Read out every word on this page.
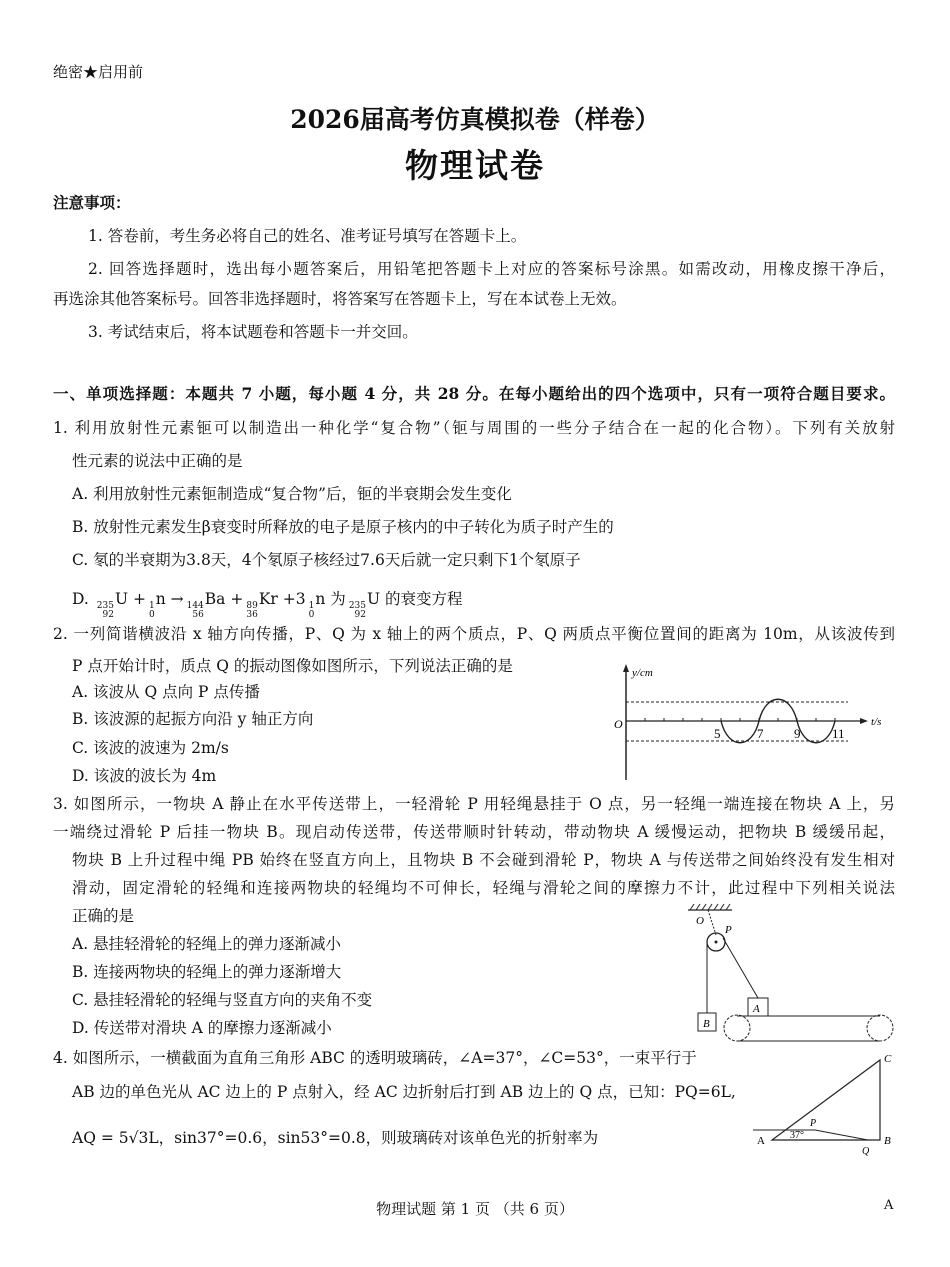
绝密★启用前
2026届高考仿真模拟卷（样卷）
物理试卷
注意事项：
1. 答卷前，考生务必将自己的姓名、准考证号填写在答题卡上。
2. 回答选择题时，选出每小题答案后，用铅笔把答题卡上对应的答案标号涂黑。如需改动，用橡皮擦干净后，
再选涂其他答案标号。回答非选择题时，将答案写在答题卡上，写在本试卷上无效。
3. 考试结束后，将本试题卷和答题卡一并交回。
一、单项选择题：本题共 7 小题，每小题 4 分，共 28 分。在每小题给出的四个选项中，只有一项符合题目要求。
1. 利用放射性元素钷可以制造出一种化学“复合物”（钷与周围的一些分子结合在一起的化合物）。下列有关放射
性元素的说法中正确的是
A. 利用放射性元素钷制造成“复合物”后，钷的半衰期会发生变化
B. 放射性元素发生β衰变时所释放的电子是原子核内的中子转化为质子时产生的
C. 氡的半衰期为3.8天，4个氡原子核经过7.6天后就一定只剩下1个氡原子
D. 235
92
U + 1
0
n → 144
56
Ba + 89
36
Kr +3 1
0
n 为 235
92
U 的衰变方程
2. 一列简谐横波沿 x 轴方向传播，P、Q 为 x 轴上的两个质点，P、Q 两质点平衡位置间的距离为 10m，从该波传到
P 点开始计时，质点 Q 的振动图像如图所示，下列说法正确的是
A. 该波从 Q 点向 P 点传播
B. 该波源的起振方向沿 y 轴正方向
C. 该波的波速为 2m/s
D. 该波的波长为 4m
y/cm
t/s
O
5	7 9 11
3. 如图所示，一物块 A 静止在水平传送带上，一轻滑轮 P 用轻绳悬挂于 O 点，另一轻绳一端连接在物块 A 上，另
一端绕过滑轮 P 后挂一物块 B。现启动传送带，传送带顺时针转动，带动物块 A 缓慢运动，把物块 B 缓缓吊起，
物块 B 上升过程中绳 PB 始终在竖直方向上，且物块 B 不会碰到滑轮 P，物块 A 与传送带之间始终没有发生相对
滑动，固定滑轮的轻绳和连接两物块的轻绳均不可伸长，轻绳与滑轮之间的摩擦力不计，此过程中下列相关说法
正确的是
A. 悬挂轻滑轮的轻绳上的弹力逐渐减小
B. 连接两物块的轻绳上的弹力逐渐增大
C. 悬挂轻滑轮的轻绳与竖直方向的夹角不变
D. 传送带对滑块 A 的摩擦力逐渐减小
O
P
A
B
4. 如图所示，一横截面为直角三角形 ABC 的透明玻璃砖，∠A=37°，∠C=53°，一束平行于
AB 边的单色光从 AC 边上的 P 点射入，经 AC 边折射后打到 AB 边上的 Q 点，已知：PQ=6L,
AQ = 5√3L，sin37°=0.6，sin53°=0.8，则玻璃砖对该单色光的折射率为	A	B
C
P
Q
37°
物理试题 第 1 页 （共 6 页）	A
